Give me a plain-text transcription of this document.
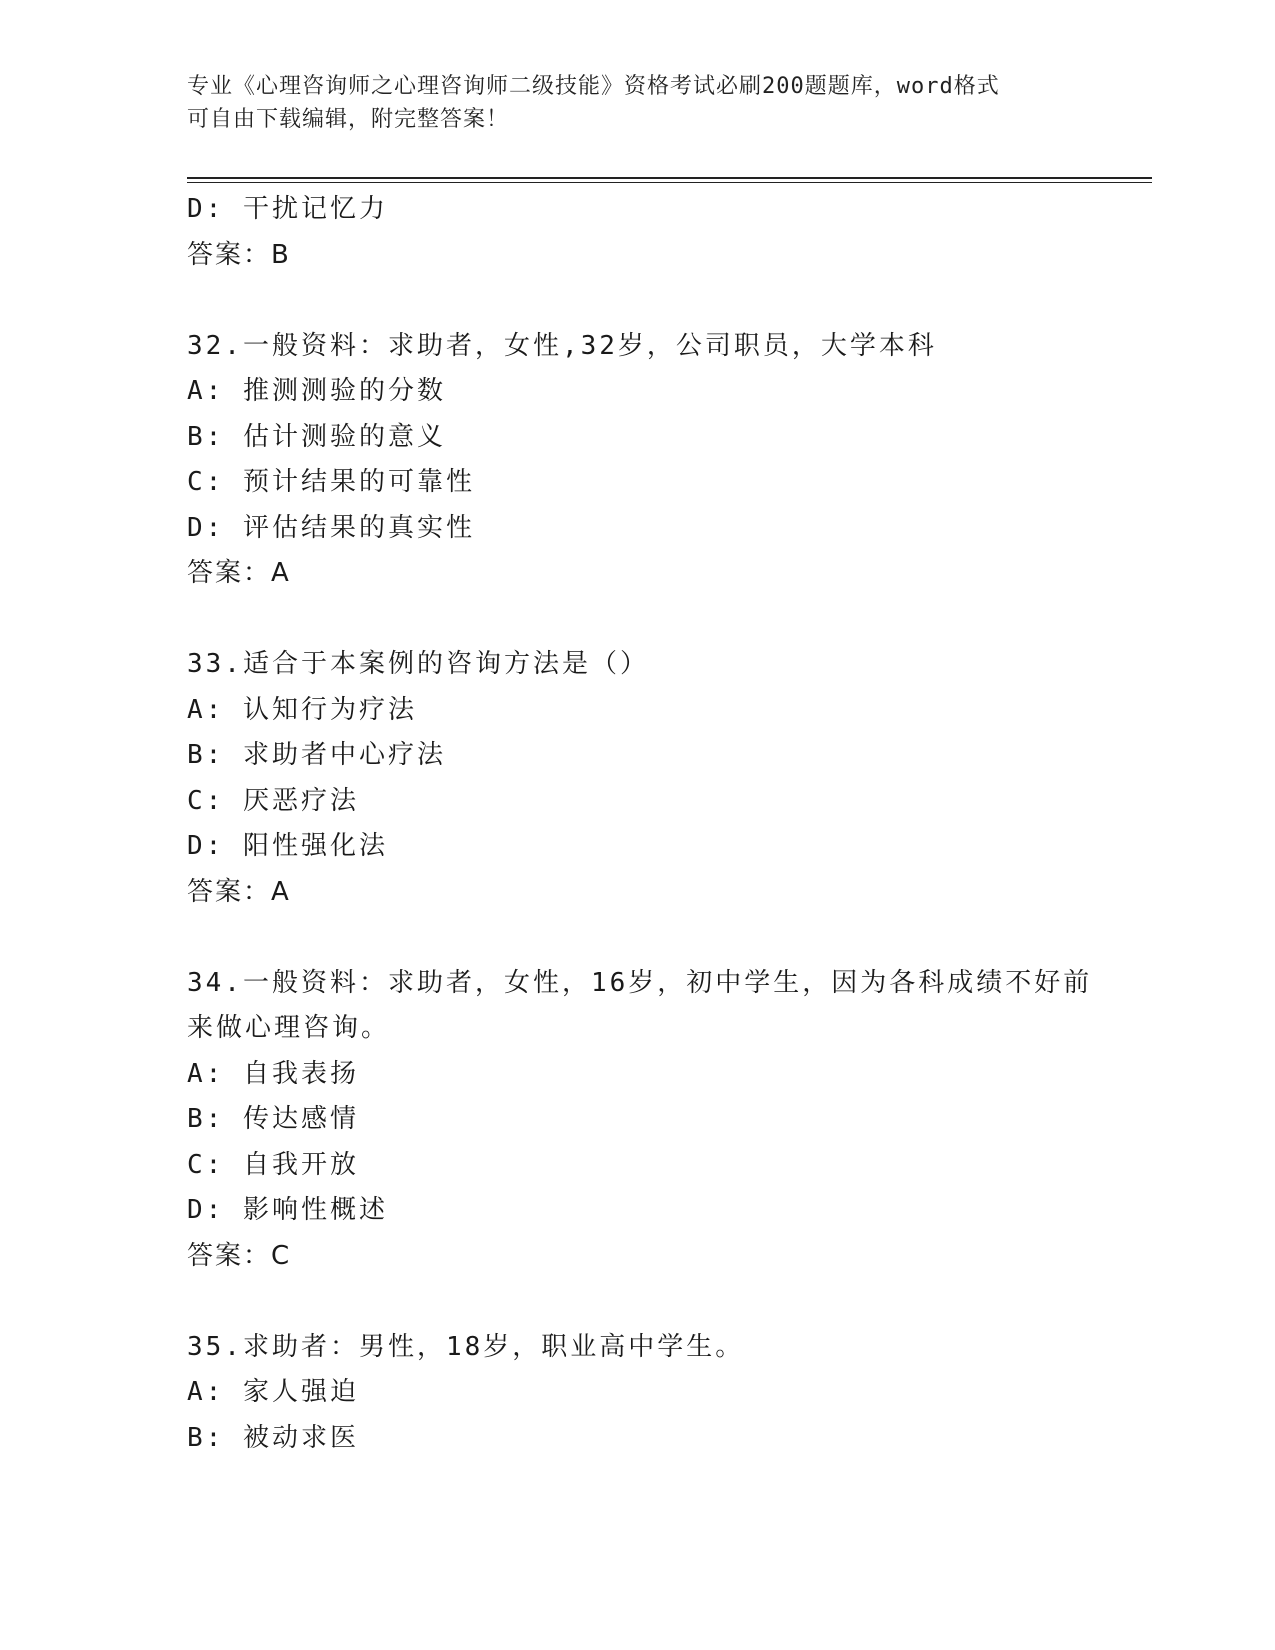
专业《心理咨询师之心理咨询师二级技能》资格考试必刷200题题库，word格式
可自由下载编辑，附完整答案！
D: 干扰记忆力
答案：B
32.一般资料：求助者，女性,32岁，公司职员，大学本科
A: 推测测验的分数
B: 估计测验的意义
C: 预计结果的可靠性
D: 评估结果的真实性
答案：A
33.适合于本案例的咨询方法是（）
A: 认知行为疗法
B: 求助者中心疗法
C: 厌恶疗法
D: 阳性强化法
答案：A
34.一般资料：求助者，女性，16岁，初中学生，因为各科成绩不好前
来做心理咨询。
A: 自我表扬
B: 传达感情
C: 自我开放
D: 影响性概述
答案：C
35.求助者：男性，18岁，职业高中学生。
A: 家人强迫
B: 被动求医
